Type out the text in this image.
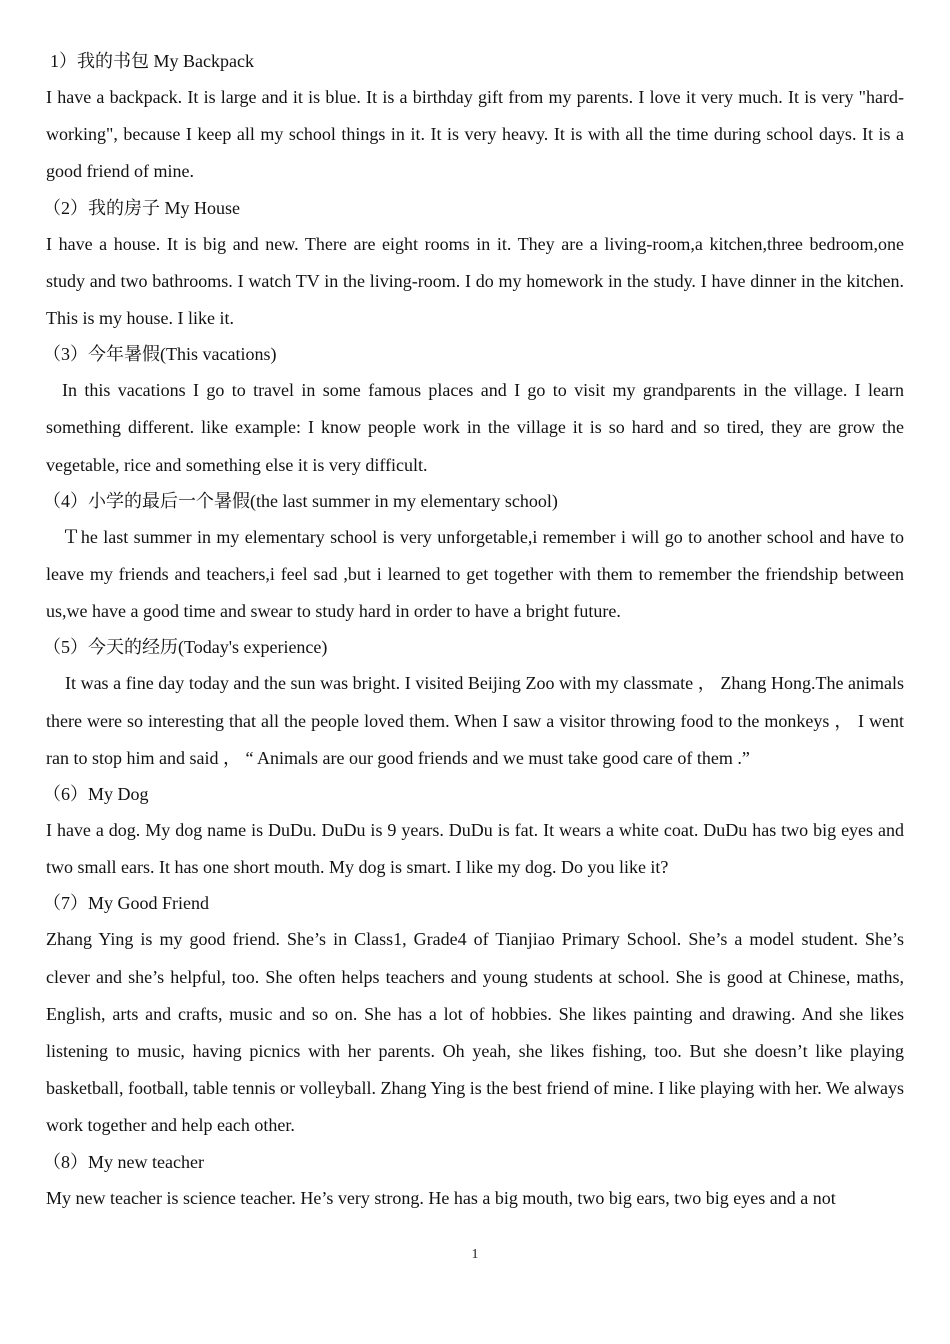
1）我的书包 My Backpack

I have a backpack. It is large and it is blue. It is a birthday gift from my parents. I love it very much. It is very "hard-working", because I keep all my school things in it. It is very heavy. It is with all the time during school days. It is a good friend of mine.

（2）我的房子 My House

I have a house. It is big and new. There are eight rooms in it. They are a living-room,a kitchen,three bedroom,one study and two bathrooms. I watch TV in the living-room. I do my homework in the study. I have dinner in the kitchen. This is my house. I like it.

（3）今年暑假(This vacations)

In this vacations I go to travel in some famous places and I go to visit my grandparents in the village. I learn something different. like example: I know people work in the village it is so hard and so tired, they are grow the vegetable, rice and something else it is very difficult.

（4）小学的最后一个暑假(the last summer in my elementary school)

Ｔhe last summer in my elementary school is very unforgetable,i remember i will go to another school and have to leave my friends and teachers,i feel sad ,but i learned to get together with them to remember the friendship between us,we have a good time and swear to study hard in order to have a bright future.

（5）今天的经历(Today's experience)

It was a fine day today and the sun was bright. I visited Beijing Zoo with my classmate ， Zhang Hong.The animals there were so interesting that all the people loved them. When I saw a visitor throwing food to the monkeys ， I went ran to stop him and said ， “ Animals are our good friends and we must take good care of them .”

（6）My Dog

I have a dog. My dog name is DuDu. DuDu is 9 years. DuDu is fat. It wears a white coat. DuDu has two big eyes and two small ears. It has one short mouth. My dog is smart. I like my dog. Do you like it?

（7）My Good Friend

Zhang Ying is my good friend. She’s in Class1, Grade4 of Tianjiao Primary School. She’s a model student. She’s clever and she’s helpful, too. She often helps teachers and young students at school. She is good at Chinese, maths, English, arts and crafts, music and so on. She has a lot of hobbies. She likes painting and drawing. And she likes listening to music, having picnics with her parents. Oh yeah, she likes fishing, too. But she doesn’t like playing basketball, football, table tennis or volleyball. Zhang Ying is the best friend of mine. I like playing with her. We always work together and help each other.

（8）My new teacher

My new teacher is science teacher. He’s very strong. He has a big mouth, two big ears, two big eyes and a not

1
